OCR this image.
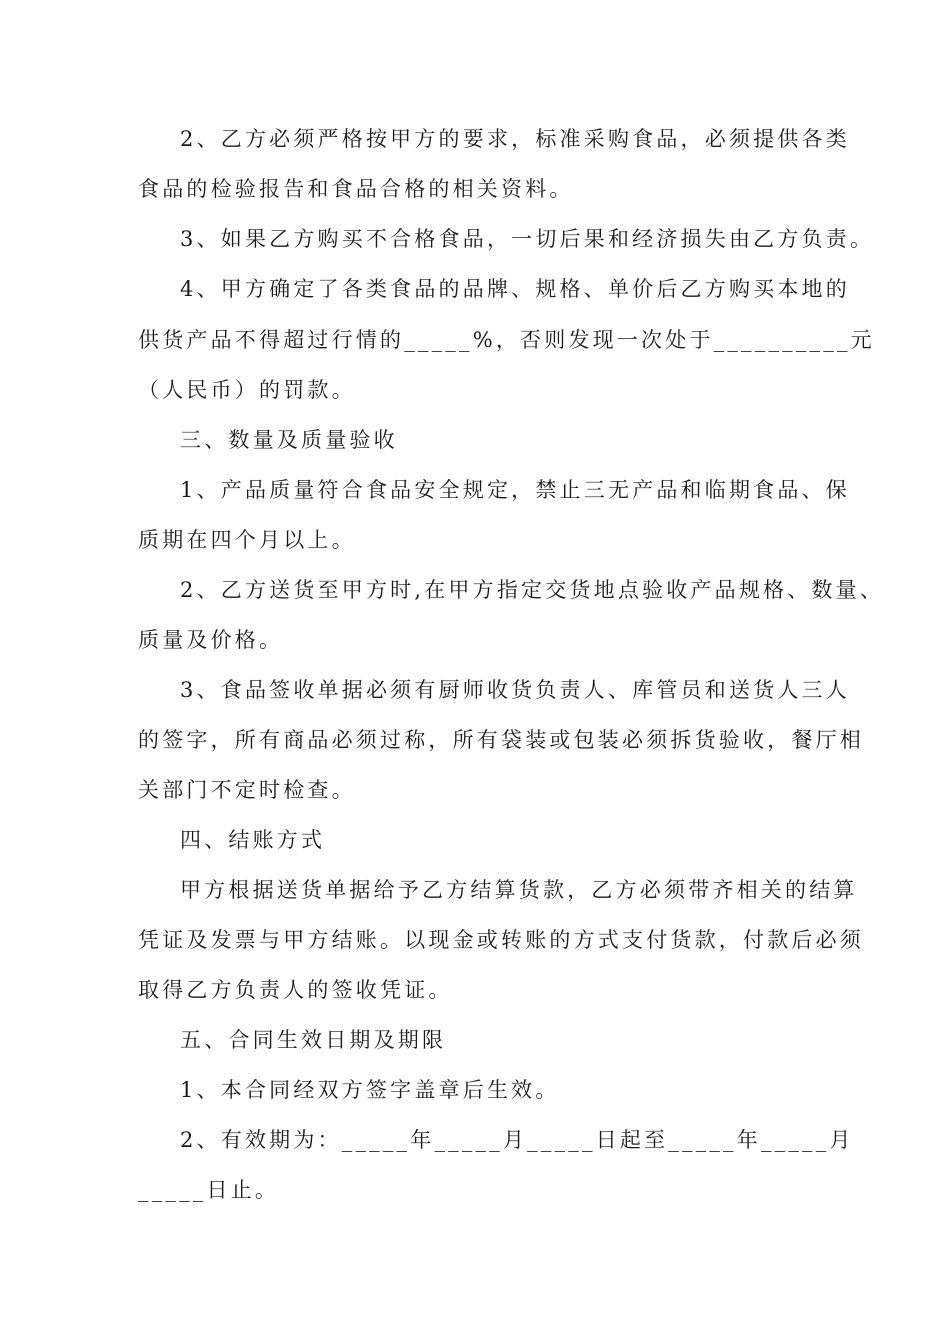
2、乙方必须严格按甲方的要求，标准采购食品，必须提供各类
食品的检验报告和食品合格的相关资料。
3、如果乙方购买不合格食品，一切后果和经济损失由乙方负责。
4、甲方确定了各类食品的品牌、规格、单价后乙方购买本地的
供货产品不得超过行情的_____%，否则发现一次处于__________元
（人民币）的罚款。
三、数量及质量验收
1、产品质量符合食品安全规定，禁止三无产品和临期食品、保
质期在四个月以上。
2、乙方送货至甲方时,在甲方指定交货地点验收产品规格、数量、
质量及价格。
3、食品签收单据必须有厨师收货负责人、库管员和送货人三人
的签字，所有商品必须过称，所有袋装或包装必须拆货验收，餐厅相
关部门不定时检查。
四、结账方式
甲方根据送货单据给予乙方结算货款，乙方必须带齐相关的结算
凭证及发票与甲方结账。以现金或转账的方式支付货款，付款后必须
取得乙方负责人的签收凭证。
五、合同生效日期及期限
1、本合同经双方签字盖章后生效。
2、有效期为：_____年_____月_____日起至_____年_____月
_____日止。
